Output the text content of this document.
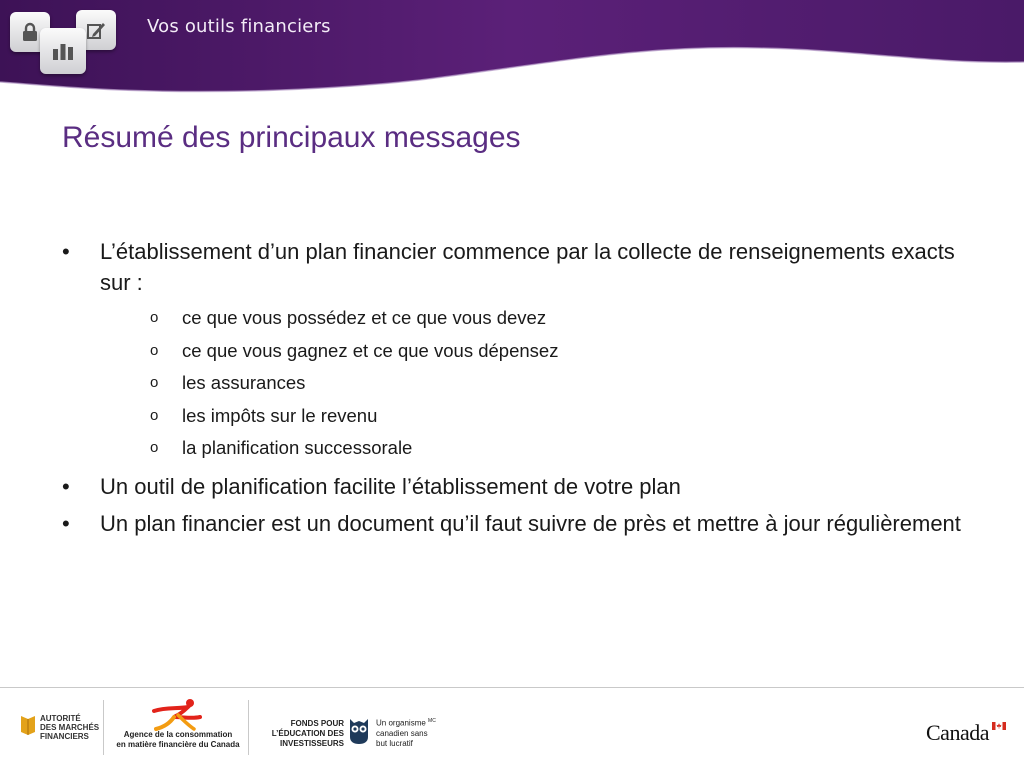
Vos outils financiers
Résumé des principaux messages
• L’établissement d’un plan financier commence par la collecte de renseignements exacts sur :
o ce que vous possédez et ce que vous devez
o ce que vous gagnez et ce que vous dépensez
o les assurances
o les impôts sur le revenu
o la planification successorale
• Un outil de planification facilite l’établissement de votre plan
• Un plan financier est un document qu’il faut suivre de près et mettre à jour régulièrement
AUTORITÉ
DES MARCHÉS
FINANCIERS	Agence de la consommation
en matière financière du Canada
FONDS POUR
L’ÉDUCATION DES
INVESTISSEURS
Un organisme $^{MC}$
canadien sans
but lucratif	Canada
